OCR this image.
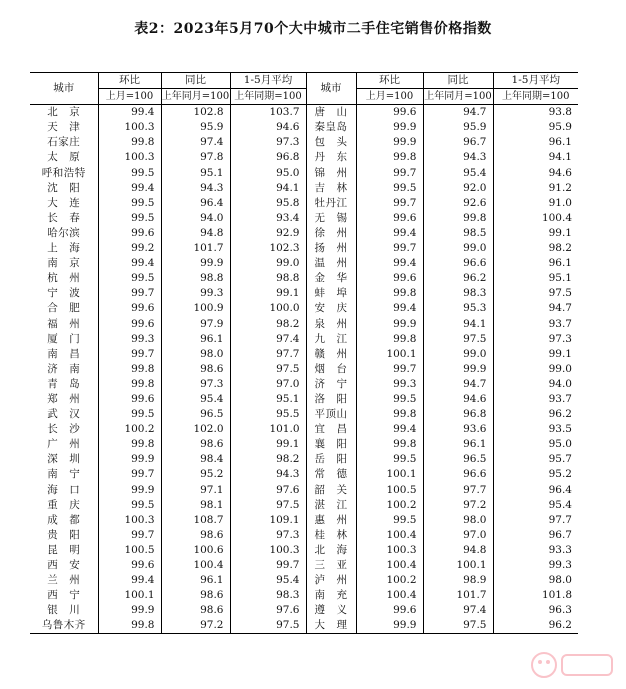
表2：2023年5月70个大中城市二手住宅销售价格指数
城市	环比	同比	1-5月平均	城市	环比	同比	1-5月平均
	上月=100	上年同月=100	上年同期=100		上月=100	上年同月=100	上年同期=100
北　京	99.4	102.8	103.7	唐　山	99.6	94.7	93.8
天　津	100.3	95.9	94.6	秦皇岛	99.9	95.9	95.9
石家庄	99.8	97.4	97.3	包　头	99.9	96.7	96.1
太　原	100.3	97.8	96.8	丹　东	99.8	94.3	94.1
呼和浩特	99.5	95.1	95.0	锦　州	99.7	95.4	94.6
沈　阳	99.4	94.3	94.1	吉　林	99.5	92.0	91.2
大　连	99.5	96.4	95.8	牡丹江	99.7	92.6	91.0
长　春	99.5	94.0	93.4	无　锡	99.6	99.8	100.4
哈尔滨	99.6	94.8	92.9	徐　州	99.4	98.5	99.1
上　海	99.2	101.7	102.3	扬　州	99.7	99.0	98.2
南　京	99.4	99.9	99.0	温　州	99.4	96.6	96.1
杭　州	99.5	98.8	98.8	金　华	99.6	96.2	95.1
宁　波	99.7	99.3	99.1	蚌　埠	99.8	98.3	97.5
合　肥	99.6	100.9	100.0	安　庆	99.4	95.3	94.7
福　州	99.6	97.9	98.2	泉　州	99.9	94.1	93.7
厦　门	99.3	96.1	97.4	九　江	99.8	97.5	97.3
南　昌	99.7	98.0	97.7	赣　州	100.1	99.0	99.1
济　南	99.8	98.6	97.5	烟　台	99.7	99.9	99.0
青　岛	99.8	97.3	97.0	济　宁	99.3	94.7	94.0
郑　州	99.6	95.4	95.1	洛　阳	99.5	94.6	93.7
武　汉	99.5	96.5	95.5	平顶山	99.8	96.8	96.2
长　沙	100.2	102.0	101.0	宜　昌	99.4	93.6	93.5
广　州	99.8	98.6	99.1	襄　阳	99.8	96.1	95.0
深　圳	99.9	98.4	98.2	岳　阳	99.5	96.5	95.7
南　宁	99.7	95.2	94.3	常　德	100.1	96.6	95.2
海　口	99.9	97.1	97.6	韶　关	100.5	97.7	96.4
重　庆	99.5	98.1	97.5	湛　江	100.2	97.2	95.4
成　都	100.3	108.7	109.1	惠　州	99.5	98.0	97.7
贵　阳	99.7	98.6	97.3	桂　林	100.4	97.0	96.7
昆　明	100.5	100.6	100.3	北　海	100.3	94.8	93.3
西　安	99.6	100.4	99.7	三　亚	100.4	100.1	99.3
兰　州	99.4	96.1	95.4	泸　州	100.2	98.9	98.0
西　宁	100.1	98.6	98.3	南　充	100.4	101.7	101.8
银　川	99.9	98.6	97.6	遵　义	99.6	97.4	96.3
乌鲁木齐	99.8	97.2	97.5	大　理	99.9	97.5	96.2
